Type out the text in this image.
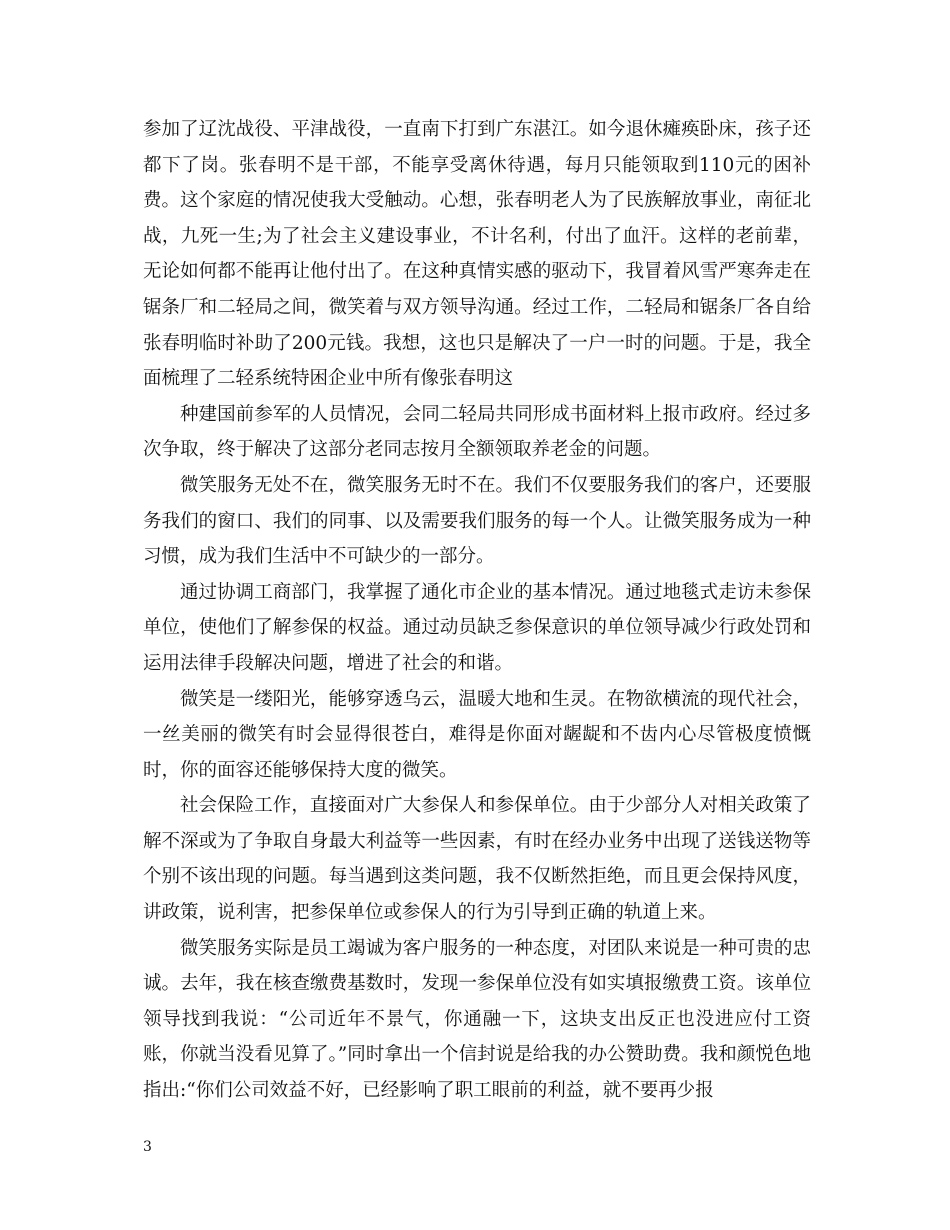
参加了辽沈战役、平津战役，一直南下打到广东湛江。如今退休瘫痪卧床，孩子还都下了岗。张春明不是干部，不能享受离休待遇，每月只能领取到110元的困补费。这个家庭的情况使我大受触动。心想，张春明老人为了民族解放事业，南征北战，九死一生;为了社会主义建设事业，不计名利，付出了血汗。这样的老前辈，无论如何都不能再让他付出了。在这种真情实感的驱动下，我冒着风雪严寒奔走在锯条厂和二轻局之间，微笑着与双方领导沟通。经过工作，二轻局和锯条厂各自给张春明临时补助了200元钱。我想，这也只是解决了一户一时的问题。于是，我全面梳理了二轻系统特困企业中所有像张春明这

种建国前参军的人员情况，会同二轻局共同形成书面材料上报市政府。经过多次争取，终于解决了这部分老同志按月全额领取养老金的问题。

微笑服务无处不在，微笑服务无时不在。我们不仅要服务我们的客户，还要服务我们的窗口、我们的同事、以及需要我们服务的每一个人。让微笑服务成为一种习惯，成为我们生活中不可缺少的一部分。

通过协调工商部门，我掌握了通化市企业的基本情况。通过地毯式走访未参保单位，使他们了解参保的权益。通过动员缺乏参保意识的单位领导减少行政处罚和运用法律手段解决问题，增进了社会的和谐。

微笑是一缕阳光，能够穿透乌云，温暖大地和生灵。在物欲横流的现代社会，一丝美丽的微笑有时会显得很苍白，难得是你面对龌龊和不齿内心尽管极度愤慨时，你的面容还能够保持大度的微笑。

社会保险工作，直接面对广大参保人和参保单位。由于少部分人对相关政策了解不深或为了争取自身最大利益等一些因素，有时在经办业务中出现了送钱送物等个别不该出现的问题。每当遇到这类问题，我不仅断然拒绝，而且更会保持风度，讲政策，说利害，把参保单位或参保人的行为引导到正确的轨道上来。

微笑服务实际是员工竭诚为客户服务的一种态度，对团队来说是一种可贵的忠诚。去年，我在核查缴费基数时，发现一参保单位没有如实填报缴费工资。该单位领导找到我说：“公司近年不景气，你通融一下，这块支出反正也没进应付工资账，你就当没看见算了。”同时拿出一个信封说是给我的办公赞助费。我和颜悦色地指出:“你们公司效益不好，已经影响了职工眼前的利益，就不要再少报

3
